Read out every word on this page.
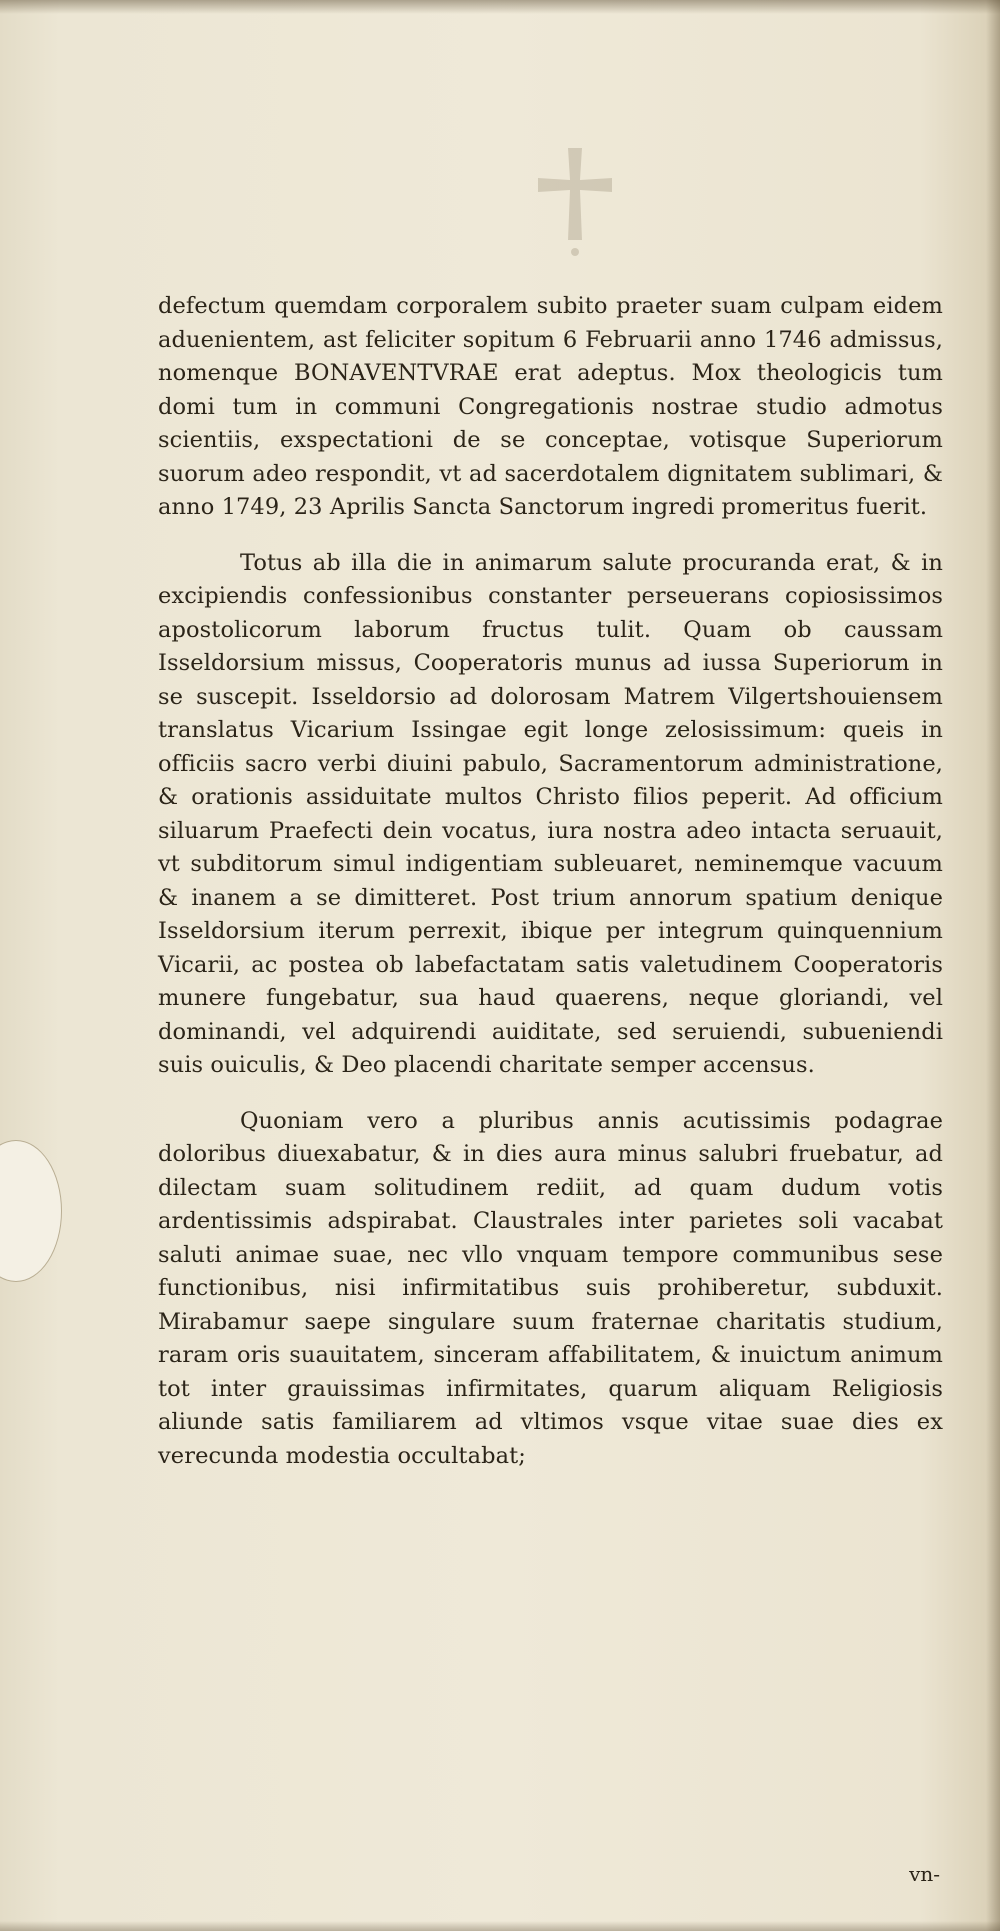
defectum quemdam corporalem subito praeter suam culpam eidem aduenientem, ast feliciter sopitum 6 Februarii anno 1746 admissus, nomenque BONAVENTVRAE erat adeptus. Mox theologicis tum domi tum in communi Congregationis nostrae studio admotus scientiis, exspectationi de se conceptae, votisque Superiorum suorum adeo respondit, vt ad sacerdotalem dignitatem sublimari, & anno 1749, 23 Aprilis Sancta Sanctorum ingredi promeritus fuerit.

Totus ab illa die in animarum salute procuranda erat, & in excipiendis confessionibus constanter perseuerans copiosissimos apostolicorum laborum fructus tulit. Quam ob caussam Isseldorsium missus, Cooperatoris munus ad iussa Superiorum in se suscepit. Isseldorsio ad dolorosam Matrem Vilgertshouiensem translatus Vicarium Issingae egit longe zelosissimum: queis in officiis sacro verbi diuini pabulo, Sacramentorum administratione, & orationis assiduitate multos Christo filios peperit. Ad officium siluarum Praefecti dein vocatus, iura nostra adeo intacta seruauit, vt subditorum simul indigentiam subleuaret, neminemque vacuum & inanem a se dimitteret. Post trium annorum spatium denique Isseldorsium iterum perrexit, ibique per integrum quinquennium Vicarii, ac postea ob labefactatam satis valetudinem Cooperatoris munere fungebatur, sua haud quaerens, neque gloriandi, vel dominandi, vel adquirendi auiditate, sed seruiendi, subueniendi suis ouiculis, & Deo placendi charitate semper accensus.

Quoniam vero a pluribus annis acutissimis podagrae doloribus diuexabatur, & in dies aura minus salubri fruebatur, ad dilectam suam solitudinem rediit, ad quam dudum votis ardentissimis adspirabat. Claustrales inter parietes soli vacabat saluti animae suae, nec vllo vnquam tempore communibus sese functionibus, nisi infirmitatibus suis prohiberetur, subduxit. Mirabamur saepe singulare suum fraternae charitatis studium, raram oris suauitatem, sinceram affabilitatem, & inuictum animum tot inter grauissimas infirmitates, quarum aliquam Religiosis aliunde satis familiarem ad vltimos vsque vitae suae dies ex verecunda modestia occultabat;

vn-
